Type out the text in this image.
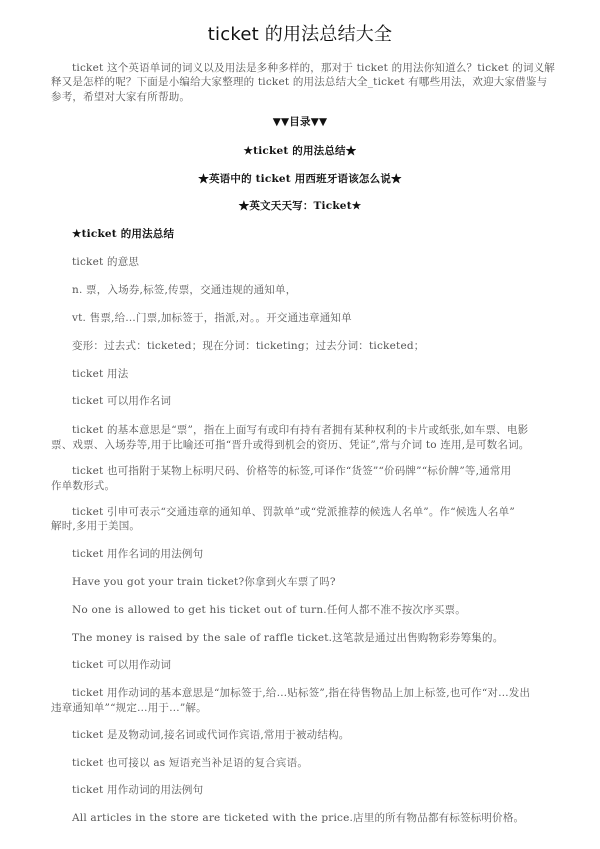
ticket 的用法总结大全
ticket 这个英语单词的词义以及用法是多种多样的，那对于 ticket 的用法你知道么？ticket 的词义解
释又是怎样的呢？下面是小编给大家整理的 ticket 的用法总结大全_ticket 有哪些用法，欢迎大家借鉴与
参考，希望对大家有所帮助。
▼▼目录▼▼
★ticket 的用法总结★
★英语中的 ticket 用西班牙语该怎么说★
★英文天天写：Ticket★
★ticket 的用法总结
ticket 的意思
n. 票，入场券,标签,传票，交通违规的通知单，
vt. 售票,给…门票,加标签于，指派,对。。开交通违章通知单
变形：过去式：ticketed；现在分词：ticketing；过去分词：ticketed；
ticket 用法
ticket 可以用作名词
ticket 的基本意思是“票”，指在上面写有或印有持有者拥有某种权利的卡片或纸张,如车票、电影
票、戏票、入场券等,用于比喻还可指“晋升或得到机会的资历、凭证”,常与介词 to 连用,是可数名词。
ticket 也可指附于某物上标明尺码、价格等的标签,可译作“货签”“价码牌”“标价牌”等,通常用
作单数形式。
ticket 引申可表示“交通违章的通知单、罚款单”或“党派推荐的候选人名单”。作“候选人名单”
解时,多用于美国。
ticket 用作名词的用法例句
Have you got your train ticket?你拿到火车票了吗?
No one is allowed to get his ticket out of turn.任何人都不准不按次序买票。
The money is raised by the sale of raffle ticket.这笔款是通过出售购物彩券筹集的。
ticket 可以用作动词
ticket 用作动词的基本意思是“加标签于,给…贴标签”,指在待售物品上加上标签,也可作“对…发出
违章通知单”“规定…用于…”解。
ticket 是及物动词,接名词或代词作宾语,常用于被动结构。
ticket 也可接以 as 短语充当补足语的复合宾语。
ticket 用作动词的用法例句
All articles in the store are ticketed with the price.店里的所有物品都有标签标明价格。
